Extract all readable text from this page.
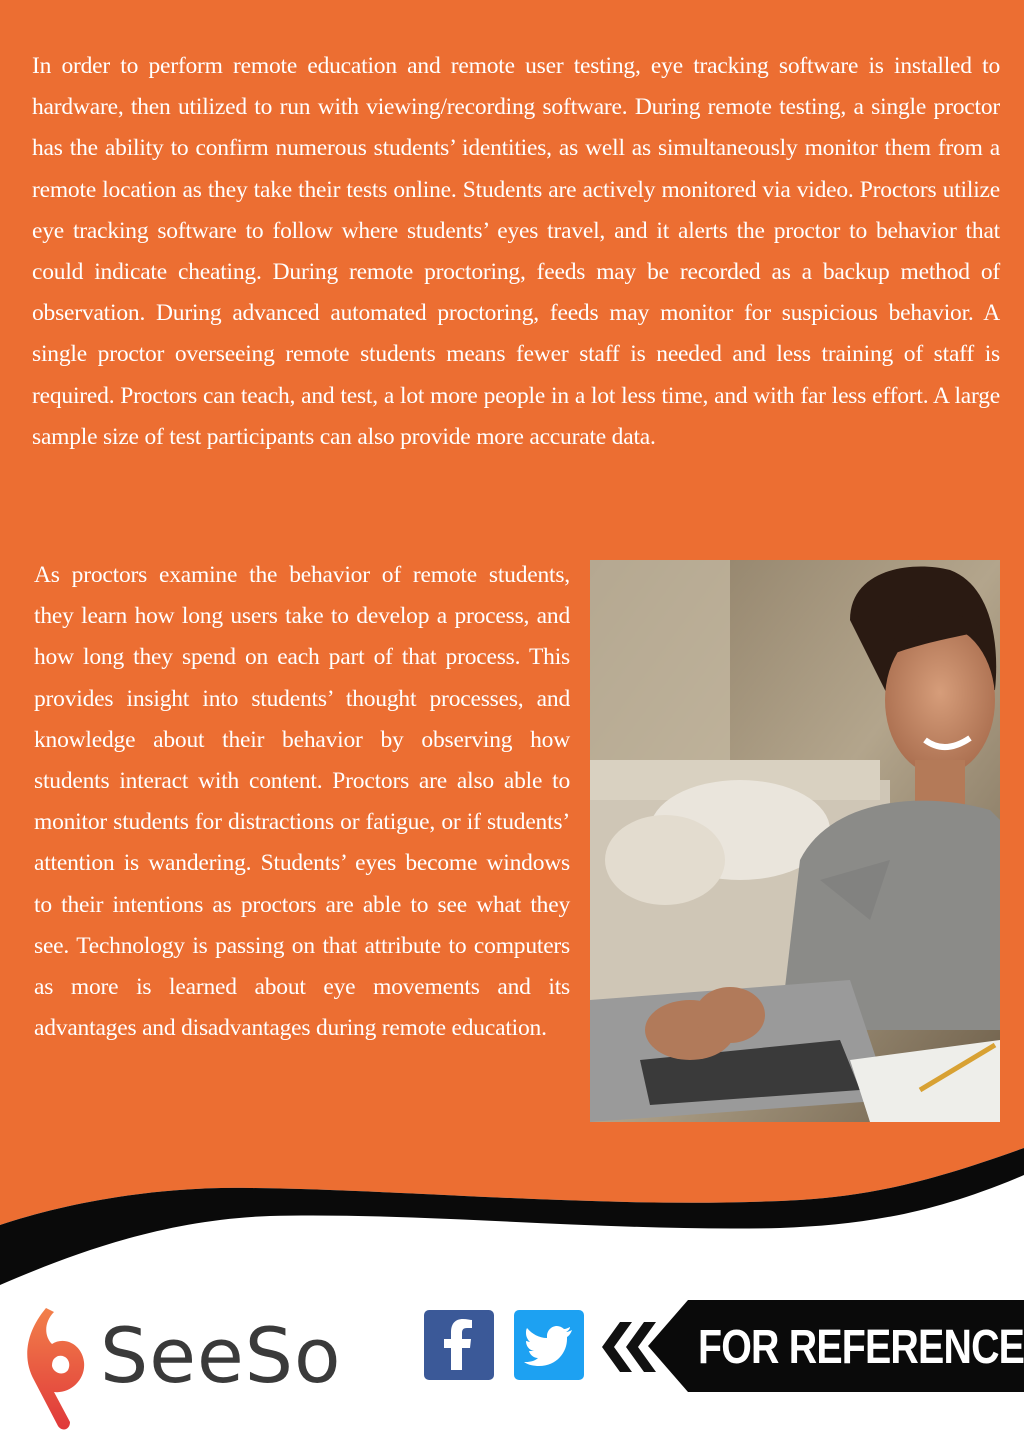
In order to perform remote education and remote user testing, eye tracking software is installed to hardware, then utilized to run with viewing/recording software. During remote testing, a single proctor has the ability to confirm numerous students’ identities, as well as simultaneously monitor them from a remote location as they take their tests online. Students are actively monitored via video. Proctors utilize eye tracking software to follow where students’ eyes travel, and it alerts the proctor to behavior that could indicate cheating. During remote proctoring, feeds may be recorded as a backup method of observation. During advanced automated proctoring, feeds may monitor for suspicious behavior. A single proctor overseeing remote students means fewer staff is needed and less training of staff is required. Proctors can teach, and test, a lot more people in a lot less time, and with far less effort. A large sample size of test participants can also provide more accurate data.

As proctors examine the behavior of remote students, they learn how long users take to develop a process, and how long they spend on each part of that process. This provides insight into students’ thought processes, and knowledge about their behavior by observing how students interact with content. Proctors are also able to monitor students for distractions or fatigue, or if students’ attention is wandering. Students’ eyes become windows to their intentions as proctors are able to see what they see. Technology is passing on that attribute to computers as more is learned about eye movements and its advantages and disadvantages during remote education.

SeeSo	FOR REFERENCE
